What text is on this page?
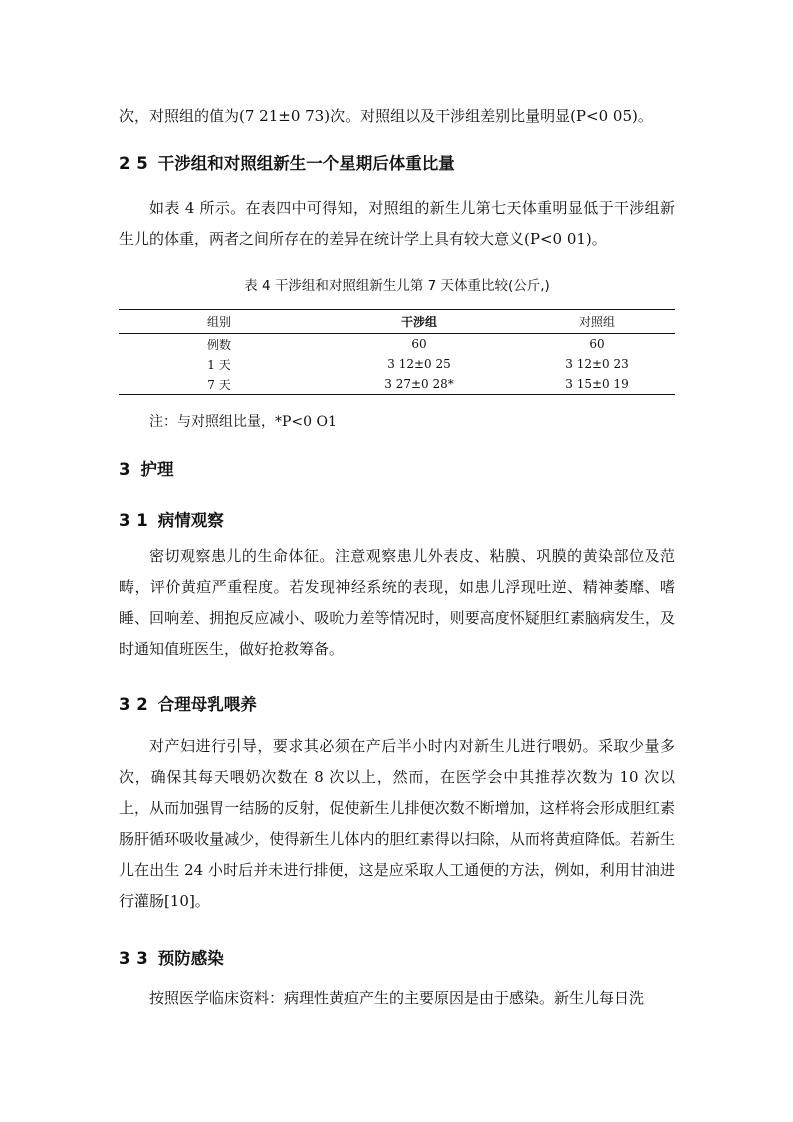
次，对照组的值为(7 21±0 73)次。对照组以及干涉组差别比量明显(P<0 05)。

2 5 干涉组和对照组新生一个星期后体重比量

如表 4 所示。在表四中可得知，对照组的新生儿第七天体重明显低于干涉组新生儿的体重，两者之间所存在的差异在统计学上具有较大意义(P<0 01)。

表 4 干涉组和对照组新生儿第 7 天体重比较(公斤,)

组别	干涉组	对照组
例数	60	60
1 天	3 12±0 25	3 12±0 23
7 天	3 27±0 28*	3 15±0 19

注：与对照组比量，*P<0 O1

3 护理
3 1 病情观察

密切观察患儿的生命体征。注意观察患儿外表皮、粘膜、巩膜的黄染部位及范畴，评价黄疸严重程度。若发现神经系统的表现，如患儿浮现吐逆、精神萎靡、嗜睡、回响差、拥抱反应减小、吸吮力差等情况时，则要高度怀疑胆红素脑病发生，及时通知值班医生，做好抢救筹备。

3 2 合理母乳喂养

对产妇进行引导，要求其必须在产后半小时内对新生儿进行喂奶。采取少量多次，确保其每天喂奶次数在 8 次以上，然而，在医学会中其推荐次数为 10 次以上，从而加强胃一结肠的反射，促使新生儿排便次数不断增加，这样将会形成胆红素肠肝循环吸收量减少，使得新生儿体内的胆红素得以扫除，从而将黄疸降低。若新生儿在出生 24 小时后并未进行排便，这是应采取人工通便的方法，例如，利用甘油进行灌肠[10]。

3 3 预防感染

按照医学临床资料：病理性黄疸产生的主要原因是由于感染。新生儿每日洗
